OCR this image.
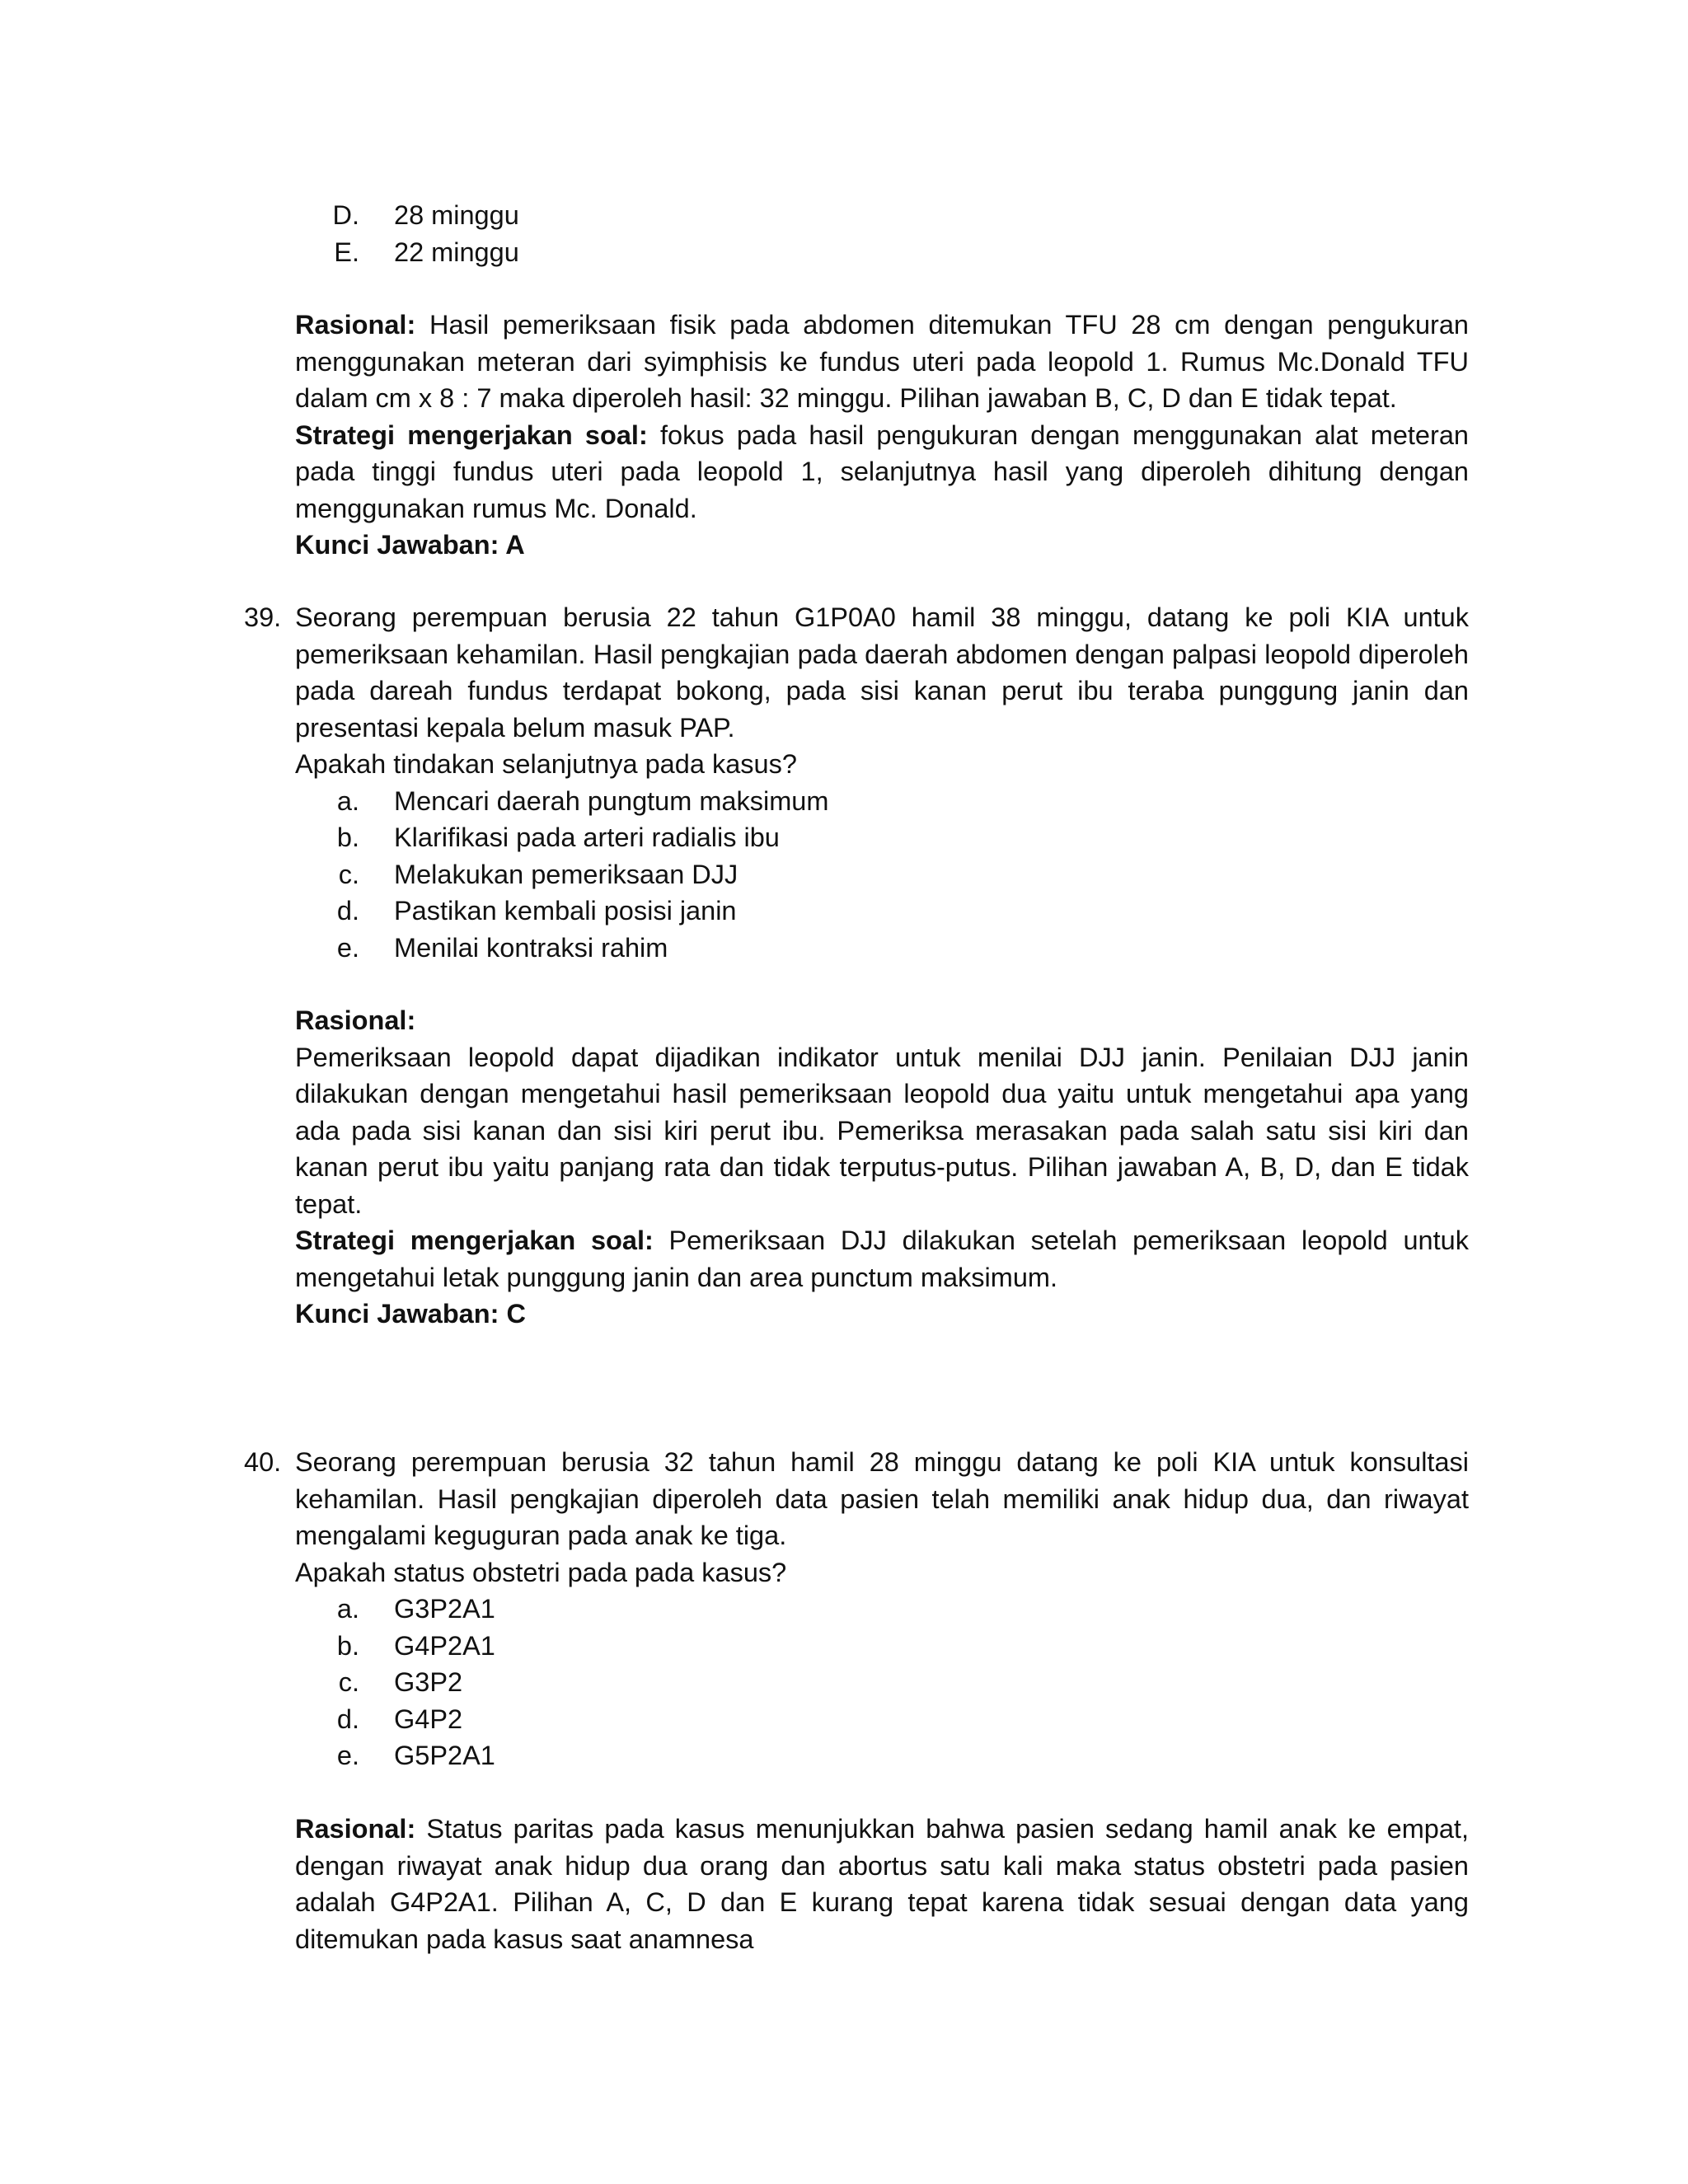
D. 28 minggu
E. 22 minggu

Rasional: Hasil pemeriksaan fisik pada abdomen ditemukan TFU 28 cm dengan pengukuran menggunakan meteran dari syimphisis ke fundus uteri pada leopold 1. Rumus Mc.Donald TFU dalam cm x 8 : 7 maka diperoleh hasil: 32 minggu. Pilihan jawaban B, C, D dan E tidak tepat.

Strategi mengerjakan soal: fokus pada hasil pengukuran dengan menggunakan alat meteran pada tinggi fundus uteri pada leopold 1, selanjutnya hasil yang diperoleh dihitung dengan menggunakan rumus Mc. Donald.

Kunci Jawaban: A

39. Seorang perempuan berusia 22 tahun G1P0A0 hamil 38 minggu, datang ke poli KIA untuk pemeriksaan kehamilan. Hasil pengkajian pada daerah abdomen dengan palpasi leopold diperoleh pada dareah fundus terdapat bokong, pada sisi kanan perut ibu teraba punggung janin dan presentasi kepala belum masuk PAP.

Apakah tindakan selanjutnya pada kasus?

a. Mencari daerah pungtum maksimum
b. Klarifikasi pada arteri radialis ibu
c. Melakukan pemeriksaan DJJ
d. Pastikan kembali posisi janin
e. Menilai kontraksi rahim

Rasional:

Pemeriksaan leopold dapat dijadikan indikator untuk menilai DJJ janin. Penilaian DJJ janin dilakukan dengan mengetahui hasil pemeriksaan leopold dua yaitu untuk mengetahui apa yang ada pada sisi kanan dan sisi kiri perut ibu. Pemeriksa merasakan pada salah satu sisi kiri dan kanan perut ibu yaitu panjang rata dan tidak terputus-putus. Pilihan jawaban A, B, D, dan E tidak tepat.

Strategi mengerjakan soal: Pemeriksaan DJJ dilakukan setelah pemeriksaan leopold untuk mengetahui letak punggung janin dan area punctum maksimum.

Kunci Jawaban: C

40. Seorang perempuan berusia 32 tahun hamil 28 minggu datang ke poli KIA untuk konsultasi kehamilan. Hasil pengkajian diperoleh data pasien telah memiliki anak hidup dua, dan riwayat mengalami keguguran pada anak ke tiga.

Apakah status obstetri pada pada kasus?

a. G3P2A1
b. G4P2A1
c. G3P2
d. G4P2
e. G5P2A1

Rasional: Status paritas pada kasus menunjukkan bahwa pasien sedang hamil anak ke empat, dengan riwayat anak hidup dua orang dan abortus satu kali maka status obstetri pada pasien adalah G4P2A1. Pilihan A, C, D dan E kurang tepat karena tidak sesuai dengan data yang ditemukan pada kasus saat anamnesa
